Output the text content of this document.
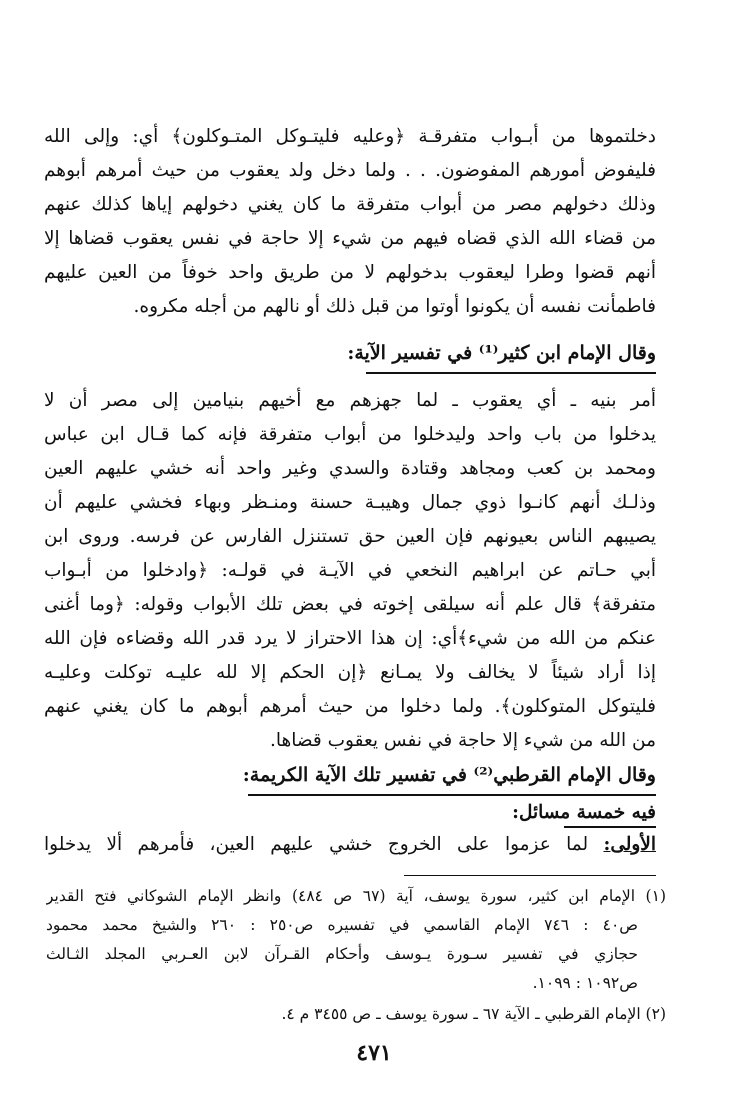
دخلتموها من أبـواب متفرقـة ﴿وعليه فليتـوكل المتـوكلون﴾ أي: وإلى الله
فليفوض أمورهم المفوضون. . . ولما دخل ولد يعقوب من حيث أمرهم أبوهم
وذلك دخولهم مصر من أبواب متفرقة ما كان يغني دخولهم إياها كذلك عنهم
من قضاء الله الذي قضاه فيهم من شيء إلا حاجة في نفس يعقوب قضاها إلا
أنهم قضوا وطرا ليعقوب بدخولهم لا من طريق واحد خوفاً من العين عليهم
فاطمأنت نفسه أن يكونوا أوتوا من قبل ذلك أو نالهم من أجله مكروه.
وقال الإمام ابن كثير⁽¹⁾ في تفسير الآية:
أمر بنيه ـ أي يعقوب ـ لما جهزهم مع أخيهم بنيامين إلى مصر أن لا
يدخلوا من باب واحد وليدخلوا من أبواب متفرقة فإنه كما قـال ابن عباس
ومحمد بن كعب ومجاهد وقتادة والسدي وغير واحد أنه خشي عليهم العين
وذلـك أنهم كانـوا ذوي جمال وهيبـة حسنة ومنـظر وبهاء فخشي عليهم أن
يصيبهم الناس بعيونهم فإن العين حق تستنزل الفارس عن فرسه. وروى ابن
أبي حـاتم عن ابراهيم النخعي في الآيـة في قولـه: ﴿وادخلوا من أبـواب
متفرقة﴾ قال علم أنه سيلقى إخوته في بعض تلك الأبواب وقوله: ﴿وما أغنى
عنكم من الله من شيء﴾أي: إن هذا الاحتراز لا يرد قدر الله وقضاءه فإن الله
إذا أراد شيئاً لا يخالف ولا يمـانع ﴿إن الحكم إلا لله عليـه توكلت وعليـه
فليتوكل المتوكلون﴾. ولما دخلوا من حيث أمرهم أبوهم ما كان يغني عنهم
من الله من شيء إلا حاجة في نفس يعقوب قضاها.
وقال الإمام القرطبي⁽²⁾ في تفسير تلك الآية الكريمة:
فيه خمسة مسائل:
الأولى: لما عزموا على الخروج خشي عليهم العين، فأمرهم ألا يدخلوا
(١) الإمام ابن كثير، سورة يوسف، آية (٦٧ ص ٤٨٤) وانظر الإمام الشوكاني فتح القدير
ص٤٠ : ٧٤٦ الإمام القاسمي في تفسيره ص٢٥٠ : ٢٦٠ والشيخ محمد محمود
حجازي في تفسير سـورة يـوسف وأحكام القـرآن لابن العـربي المجلد الثـالث
ص١٠٩٢ : ١٠٩٩.
(٢) الإمام القرطبي ـ الآية ٦٧ ـ سورة يوسف ـ ص ٣٤٥٥ م ٤.
٤٧١
